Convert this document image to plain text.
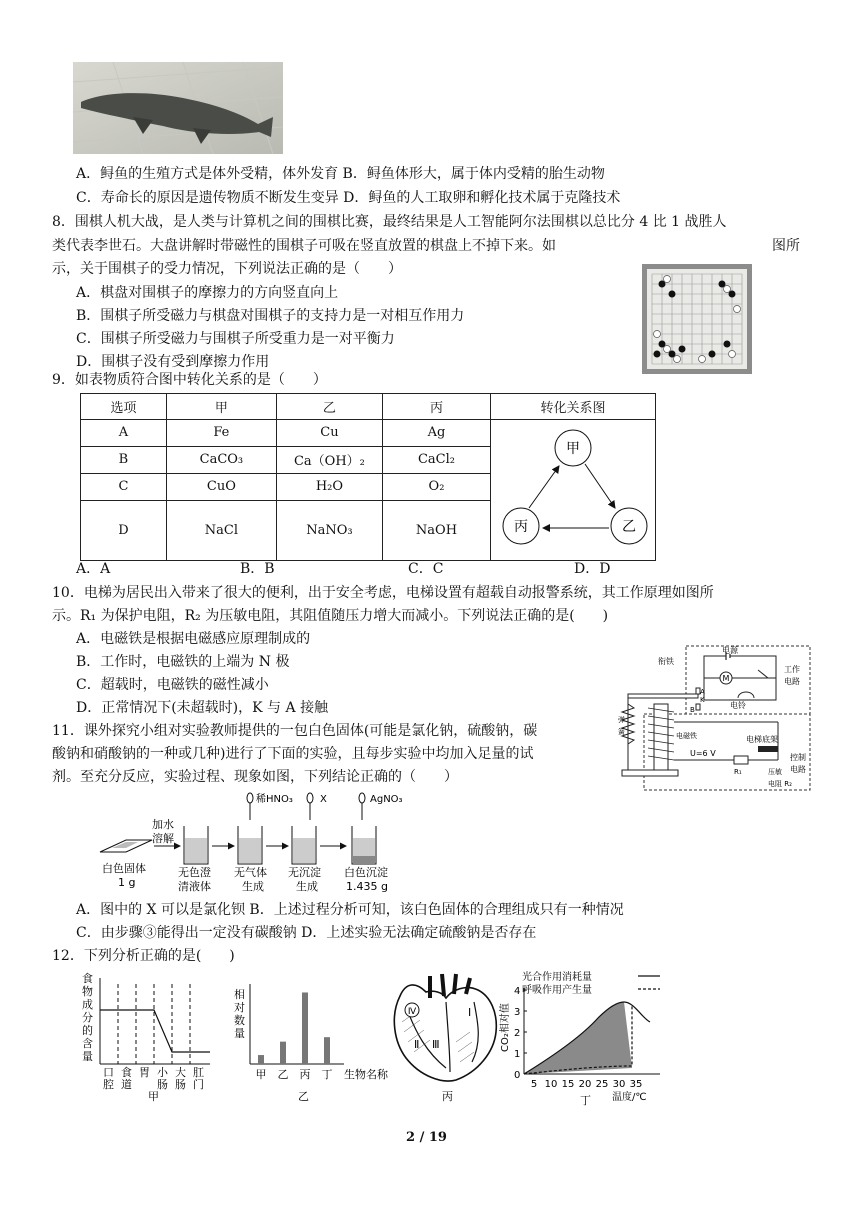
A．鲟鱼的生殖方式是体外受精，体外发育 B．鲟鱼体形大，属于体内受精的胎生动物
C．寿命长的原因是遗传物质不断发生变异 D．鲟鱼的人工取卵和孵化技术属于克隆技术
8．围棋人机大战，是人类与计算机之间的围棋比赛，最终结果是人工智能阿尔法围棋以总比分 4 比 1 战胜人
类代表李世石。大盘讲解时带磁性的围棋子可吸在竖直放置的棋盘上不掉下来。如	图所
示，关于围棋子的受力情况，下列说法正确的是（　　）
A．棋盘对围棋子的摩擦力的方向竖直向上
B．围棋子所受磁力与棋盘对围棋子的支持力是一对相互作用力
C．围棋子所受磁力与围棋子所受重力是一对平衡力
D．围棋子没有受到摩擦力作用
9．如表物质符合图中转化关系的是（　　）
选项	甲	乙	丙	转化关系图
A	Fe	Cu	Ag	甲
乙
丙

B	CaCO₃	Ca（OH）₂	CaCl₂	
C	CuO	H₂O	O₂	
D	NaCl	NaNO₃	NaOH	
A．A	B．B	C．C	D．D
10．电梯为居民出入带来了很大的便利，出于安全考虑，电梯设置有超载自动报警系统，其工作原理如图所
示。R₁ 为保护电阻，R₂ 为压敏电阻，其阻值随压力增大而减小。下列说法正确的是(　　)
A．电磁铁是根据电磁感应原理制成的
B．工作时，电磁铁的上端为 N 极
C．超载时，电磁铁的磁性减小
D．正常情况下(未超载时)，K 与 A 接触
M
电源
电铃
工作
电路
A
K
B
衔铁
弹
簧	电磁铁
U=6 V
R₁
电梯底架
压敏
电阻 R₂
控制
电路
11．课外探究小组对实验教师提供的一包白色固体(可能是氯化钠，硫酸钠，碳
酸钠和硝酸钠的一种或几种)进行了下面的实验，且每步实验中均加入足量的试
剂。至充分反应，实验过程、现象如图，下列结论正确的（　　）
白色固体
1 g
加水
溶解
无色澄
清液体
稀HNO₃
无气体
生成
X
无沉淀
生成
AgNO₃
白色沉淀
1.435 g
A．图中的 X 可以是氯化钡 B．上述过程分析可知，该白色固体的合理组成只有一种情况
C．由步骤③能得出一定没有碳酸钠 D．上述实验无法确定硫酸钠是否存在
12．下列分析正确的是(　　)
食 物 成 分 的 含 量
口腔
食道
胃 小肠
大肠
肛门
甲
相对 数量
甲 乙 丙 丁 生物名称
乙
Ⅳ	Ⅰ
Ⅱ Ⅲ
丙
光合作用消耗量
呼吸作用产生量
CO₂相对值
0
1
2
3
4
5 10 15 20 25 30 35
温度/℃
丁
2 / 19
